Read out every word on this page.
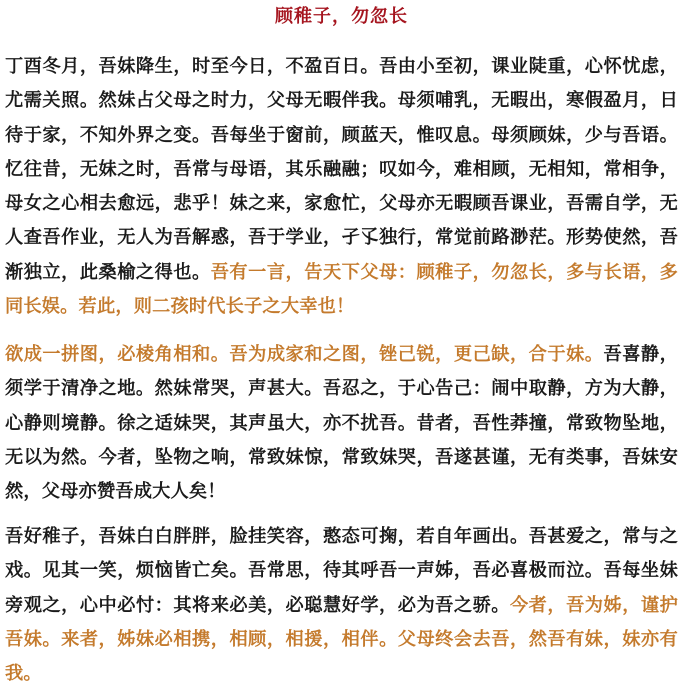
顾稚子，勿忽长

丁酉冬月，吾妹降生，时至今日，不盈百日。吾由小至初，课业陡重，心怀忧虑，尤需关照。然妹占父母之时力，父母无暇伴我。母须哺乳，无暇出，寒假盈月，日待于家，不知外界之变。吾每坐于窗前，顾蓝天，惟叹息。母须顾妹，少与吾语。忆往昔，无妹之时，吾常与母语，其乐融融；叹如今，难相顾，无相知，常相争，母女之心相去愈远，悲乎！妹之来，家愈忙，父母亦无暇顾吾课业，吾需自学，无人查吾作业，无人为吾解惑，吾于学业，孑孓独行，常觉前路渺茫。形势使然，吾渐独立，此桑榆之得也。吾有一言，告天下父母：顾稚子，勿忽长，多与长语，多同长娱。若此，则二孩时代长子之大幸也！

欲成一拼图，必棱角相和。吾为成家和之图，锉己锐，更己缺，合于妹。吾喜静，须学于清净之地。然妹常哭，声甚大。吾忍之，于心告己：闹中取静，方为大静，心静则境静。徐之适妹哭，其声虽大，亦不扰吾。昔者，吾性莽撞，常致物坠地，无以为然。今者，坠物之响，常致妹惊，常致妹哭，吾遂甚谨，无有类事，吾妹安然，父母亦赞吾成大人矣！

吾好稚子，吾妹白白胖胖，脸挂笑容，憨态可掬，若自年画出。吾甚爱之，常与之戏。见其一笑，烦恼皆亡矣。吾常思，待其呼吾一声姊，吾必喜极而泣。吾每坐妹旁观之，心中必忖：其将来必美，必聪慧好学，必为吾之骄。今者，吾为姊，谨护吾妹。来者，姊妹必相携，相顾，相援，相伴。父母终会去吾，然吾有妹，妹亦有我。
